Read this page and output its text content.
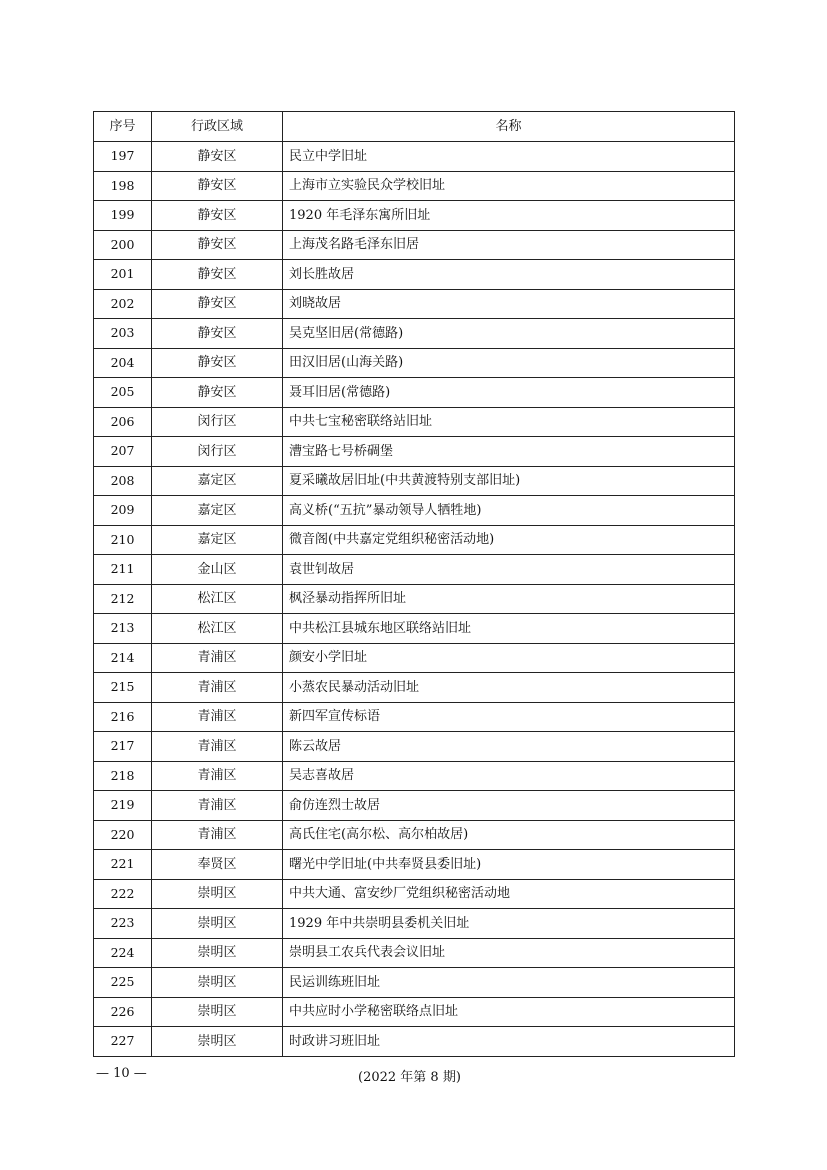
序号	行政区域	名称
197	静安区	民立中学旧址
198	静安区	上海市立实验民众学校旧址
199	静安区	1920 年毛泽东寓所旧址
200	静安区	上海茂名路毛泽东旧居
201	静安区	刘长胜故居
202	静安区	刘晓故居
203	静安区	吴克坚旧居(常德路)
204	静安区	田汉旧居(山海关路)
205	静安区	聂耳旧居(常德路)
206	闵行区	中共七宝秘密联络站旧址
207	闵行区	漕宝路七号桥碉堡
208	嘉定区	夏采曦故居旧址(中共黄渡特别支部旧址)
209	嘉定区	高义桥(“五抗”暴动领导人牺牲地)
210	嘉定区	微音阁(中共嘉定党组织秘密活动地)
211	金山区	袁世钊故居
212	松江区	枫泾暴动指挥所旧址
213	松江区	中共松江县城东地区联络站旧址
214	青浦区	颜安小学旧址
215	青浦区	小蒸农民暴动活动旧址
216	青浦区	新四军宣传标语
217	青浦区	陈云故居
218	青浦区	吴志喜故居
219	青浦区	俞仿连烈士故居
220	青浦区	高氏住宅(高尔松、高尔柏故居)
221	奉贤区	曙光中学旧址(中共奉贤县委旧址)
222	崇明区	中共大通、富安纱厂党组织秘密活动地
223	崇明区	1929 年中共崇明县委机关旧址
224	崇明区	崇明县工农兵代表会议旧址
225	崇明区	民运训练班旧址
226	崇明区	中共应时小学秘密联络点旧址
227	崇明区	时政讲习班旧址
— 10 —	(2022 年第 8 期)
